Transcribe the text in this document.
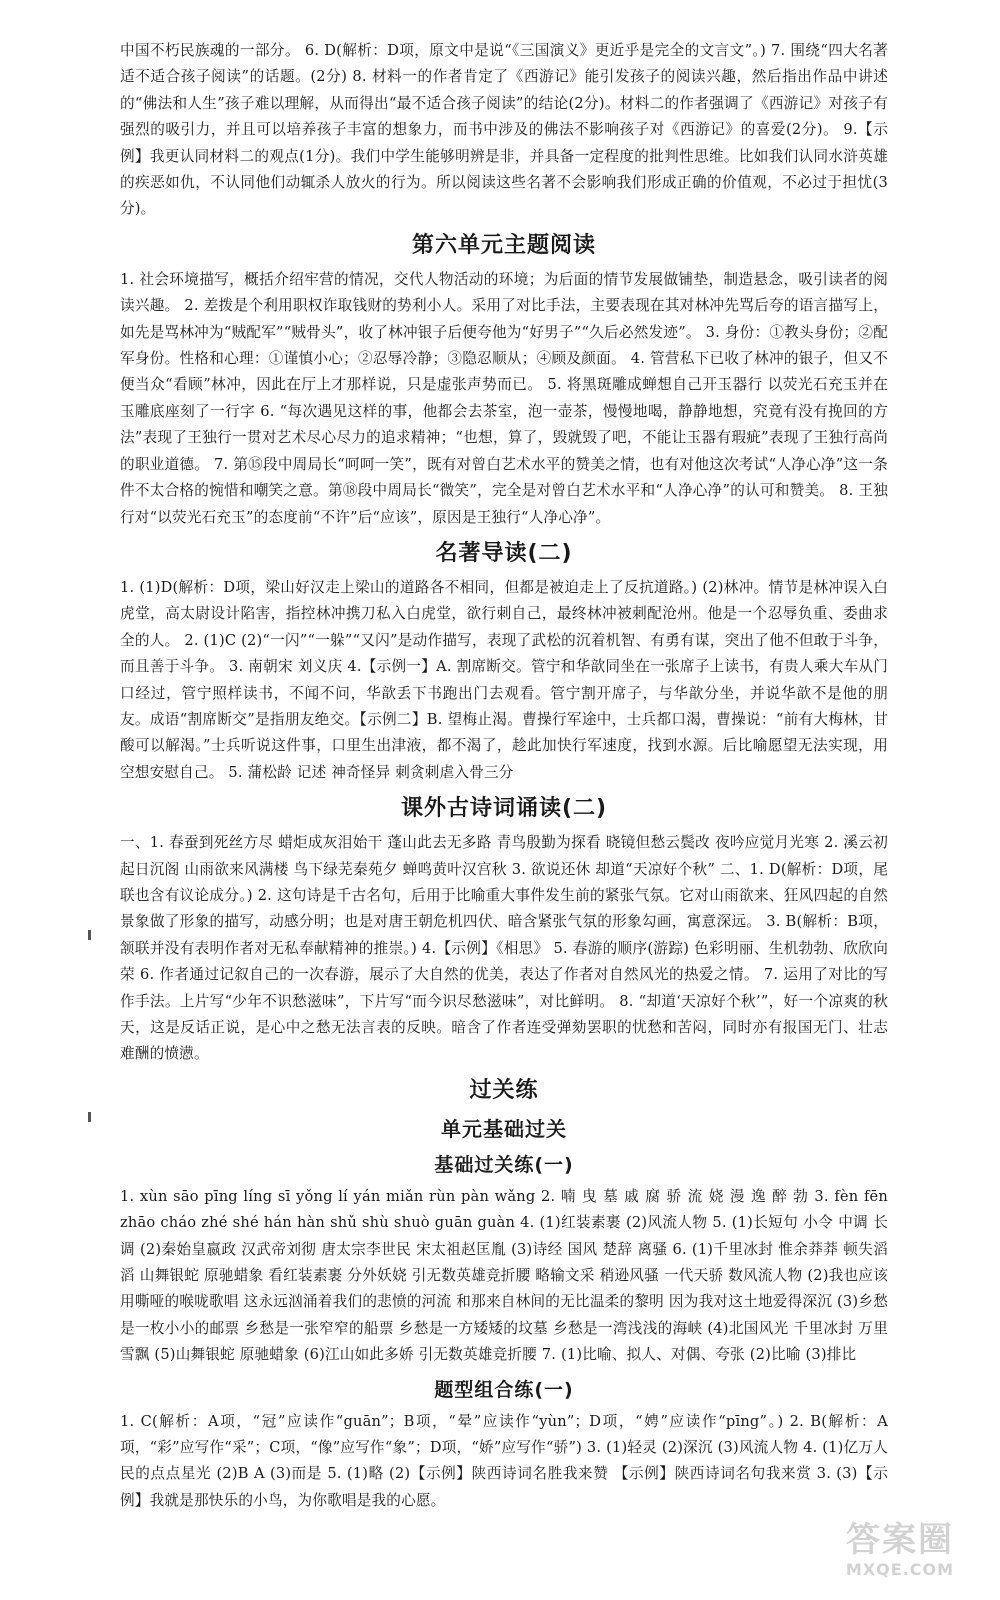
中国不朽民族魂的一部分。 6. D(解析：D项，原文中是说“《三国演义》更近乎是完全的文言文”。) 7. 围绕“四大名著适不适合孩子阅读”的话题。(2分) 8. 材料一的作者肯定了《西游记》能引发孩子的阅读兴趣，然后指出作品中讲述的“佛法和人生”孩子难以理解，从而得出“最不适合孩子阅读”的结论(2分)。材料二的作者强调了《西游记》对孩子有强烈的吸引力，并且可以培养孩子丰富的想象力，而书中涉及的佛法不影响孩子对《西游记》的喜爱(2分)。 9.【示例】我更认同材料二的观点(1分)。我们中学生能够明辨是非，并具备一定程度的批判性思维。比如我们认同水浒英雄的疾恶如仇，不认同他们动辄杀人放火的行为。所以阅读这些名著不会影响我们形成正确的价值观，不必过于担忧(3分)。

第六单元主题阅读

1. 社会环境描写，概括介绍牢营的情况，交代人物活动的环境；为后面的情节发展做铺垫，制造悬念，吸引读者的阅读兴趣。 2. 差拨是个利用职权诈取钱财的势利小人。采用了对比手法，主要表现在其对林冲先骂后夸的语言描写上，如先是骂林冲为“贼配军”“贼骨头”，收了林冲银子后便夸他为“好男子”“久后必然发迹”。 3. 身份：①教头身份；②配军身份。性格和心理：①谨慎小心；②忍辱冷静；③隐忍顺从；④顾及颜面。 4. 管营私下已收了林冲的银子，但又不便当众“看顾”林冲，因此在厅上才那样说，只是虚张声势而已。 5. 将黑斑雕成蝉想自己开玉器行 以荧光石充玉并在玉雕底座刻了一行字 6. “每次遇见这样的事，他都会去茶室，泡一壶茶，慢慢地喝，静静地想，究竟有没有挽回的方法”表现了王独行一贯对艺术尽心尽力的追求精神；“也想，算了，毁就毁了吧，不能让玉器有瑕疵”表现了王独行高尚的职业道德。 7. 第⑮段中周局长“呵呵一笑”，既有对曾白艺术水平的赞美之情，也有对他这次考试“人净心净”这一条件不太合格的惋惜和嘲笑之意。第⑱段中周局长“微笑”，完全是对曾白艺术水平和“人净心净”的认可和赞美。 8. 王独行对“以荧光石充玉”的态度前“不许”后“应该”，原因是王独行“人净心净”。

名著导读(二)

1. (1)D(解析：D项，梁山好汉走上梁山的道路各不相同，但都是被迫走上了反抗道路。) (2)林冲。情节是林冲误入白虎堂，高太尉设计陷害，指控林冲携刀私入白虎堂，欲行刺自己，最终林冲被刺配沧州。他是一个忍辱负重、委曲求全的人。 2. (1)C (2)“一闪”“一躲”“又闪”是动作描写，表现了武松的沉着机智、有勇有谋，突出了他不但敢于斗争，而且善于斗争。 3. 南朝宋 刘义庆 4.【示例一】A. 割席断交。管宁和华歆同坐在一张席子上读书，有贵人乘大车从门口经过，管宁照样读书，不闻不问，华歆丢下书跑出门去观看。管宁割开席子，与华歆分坐，并说华歆不是他的朋友。成语“割席断交”是指朋友绝交。【示例二】B. 望梅止渴。曹操行军途中，士兵都口渴，曹操说：“前有大梅林，甘酸可以解渴。”士兵听说这件事，口里生出津液，都不渴了，趁此加快行军速度，找到水源。后比喻愿望无法实现，用空想安慰自己。 5. 蒲松龄 记述 神奇怪异 刺贪刺虐入骨三分

课外古诗词诵读(二)

一、1. 春蚕到死丝方尽 蜡炬成灰泪始干 蓬山此去无多路 青鸟殷勤为探看 晓镜但愁云鬓改 夜吟应觉月光寒 2. 溪云初起日沉阁 山雨欲来风满楼 鸟下绿芜秦苑夕 蝉鸣黄叶汉宫秋 3. 欲说还休 却道“天凉好个秋” 二、1. D(解析：D项，尾联也含有议论成分。) 2. 这句诗是千古名句，后用于比喻重大事件发生前的紧张气氛。它对山雨欲来、狂风四起的自然景象做了形象的描写，动感分明；也是对唐王朝危机四伏、暗含紧张气氛的形象勾画，寓意深远。 3. B(解析：B项，颔联并没有表明作者对无私奉献精神的推崇。) 4.【示例】《相思》 5. 春游的顺序(游踪) 色彩明丽、生机勃勃、欣欣向荣 6. 作者通过记叙自己的一次春游，展示了大自然的优美，表达了作者对自然风光的热爱之情。 7. 运用了对比的写作手法。上片写“少年不识愁滋味”，下片写“而今识尽愁滋味”，对比鲜明。 8. “却道‘天凉好个秋’”，好一个凉爽的秋天，这是反话正说，是心中之愁无法言表的反映。暗含了作者连受弹劾罢职的忧愁和苦闷，同时亦有报国无门、壮志难酬的愤懑。

过关练
单元基础过关
基础过关练(一)

1. xùn sāo pīng líng sī yǒng lí yán miǎn rùn pàn wǎng 2. 喃 曳 墓 戚 腐 骄 流 娆 漫 逸 醉 勃 3. fèn fēn zhāo cháo zhé shé hán hàn shǔ shù shuò guān guàn 4. (1)红装素裹 (2)风流人物 5. (1)长短句 小令 中调 长调 (2)秦始皇嬴政 汉武帝刘彻 唐太宗李世民 宋太祖赵匡胤 (3)诗经 国风 楚辞 离骚 6. (1)千里冰封 惟余莽莽 顿失滔滔 山舞银蛇 原驰蜡象 看红装素裹 分外妖娆 引无数英雄竞折腰 略输文采 稍逊风骚 一代天骄 数风流人物 (2)我也应该用嘶哑的喉咙歌唱 这永远汹涌着我们的悲愤的河流 和那来自林间的无比温柔的黎明 因为我对这土地爱得深沉 (3)乡愁是一枚小小的邮票 乡愁是一张窄窄的船票 乡愁是一方矮矮的坟墓 乡愁是一湾浅浅的海峡 (4)北国风光 千里冰封 万里雪飘 (5)山舞银蛇 原驰蜡象 (6)江山如此多娇 引无数英雄竞折腰 7. (1)比喻、拟人、对偶、夸张 (2)比喻 (3)排比

题型组合练(一)

1. C(解析：A项，“冠”应读作“guān”；B项，“晕”应读作“yùn”；D项，“娉”应读作“pīng”。) 2. B(解析：A项，“彩”应写作“采”；C项，“像”应写作“象”；D项，“娇”应写作“骄”) 3. (1)轻灵 (2)深沉 (3)风流人物 4. (1)亿万人民的点点星光 (2)B A (3)而是 5. (1)略 (2)【示例】陕西诗词名胜我来赞 【示例】陕西诗词名句我来赏 3. (3)【示例】我就是那快乐的小鸟，为你歌唱是我的心愿。

答案圈
MXQE.COM
